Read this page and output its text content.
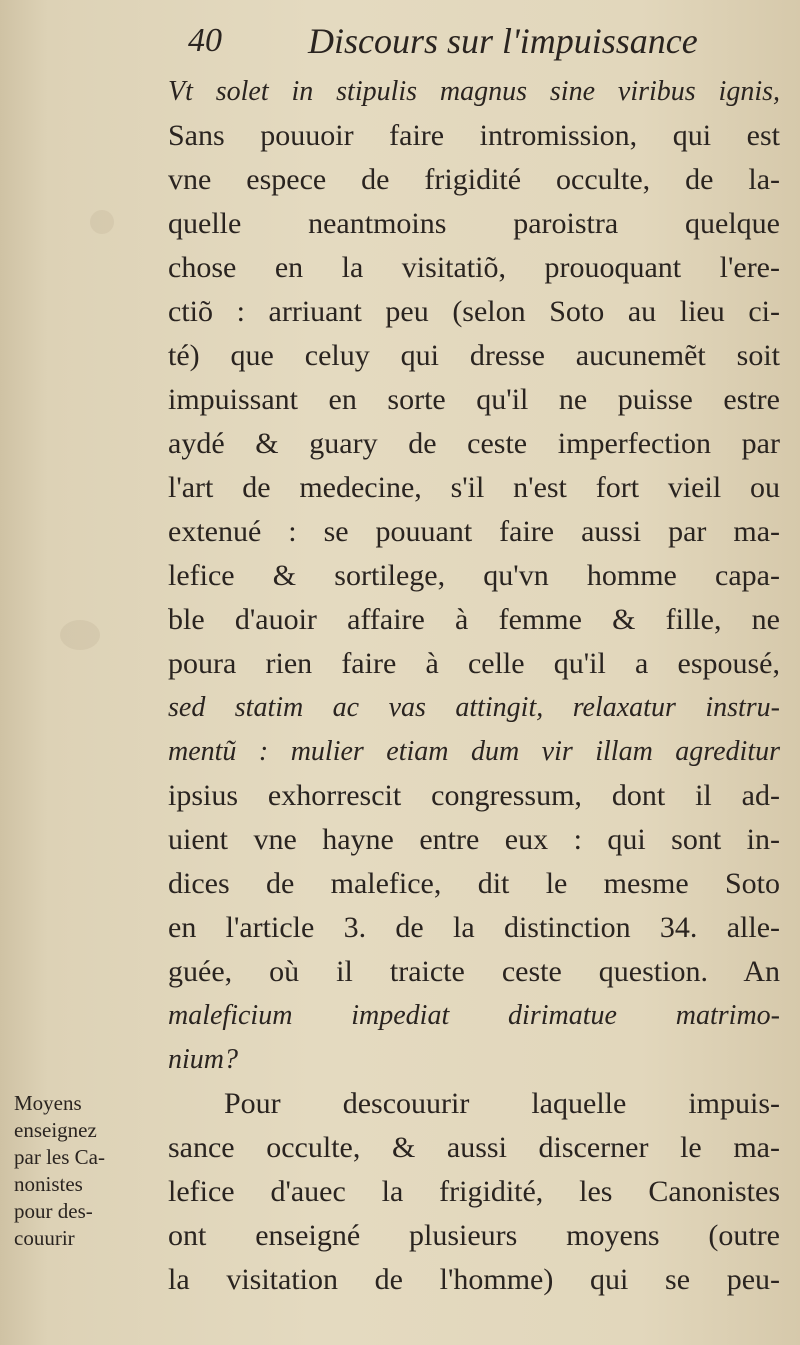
40 Discours sur l'impuissance
Vt solet in stipulis magnus sine viribus ignis,
Sans pouuoir faire intromission, qui est
vne espece de frigidité occulte, de la-
quelle neantmoins paroistra quelque
chose en la visitatiõ, prouoquant l'ere-
ctiõ : arriuant peu (selon Soto au lieu ci-
té) que celuy qui dresse aucunemẽt soit
impuissant en sorte qu'il ne puisse estre
aydé & guary de ceste imperfection par
l'art de medecine, s'il n'est fort vieil ou
extenué : se pouuant faire aussi par ma-
lefice & sortilege, qu'vn homme capa-
ble d'auoir affaire à femme & fille, ne
poura rien faire à celle qu'il a espousé,
sed statim ac vas attingit, relaxatur instru-
mentũ : mulier etiam dum vir illam agreditur
ipsius exhorrescit congressum, dont il ad-
uient vne hayne entre eux : qui sont in-
dices de malefice, dit le mesme Soto
en l'article 3. de la distinction 34. alle-
guée, où il traicte ceste question. An
maleficium impediat dirimatue matrimo-
nium?
Pour descouurir laquelle impuis-
sance occulte, & aussi discerner le ma-
lefice d'auec la frigidité, les Canonistes
ont enseigné plusieurs moyens (outre
la visitation de l'homme) qui se peu-
Moyens
enseignez
par les Ca-
nonistes
pour des-
couurir
